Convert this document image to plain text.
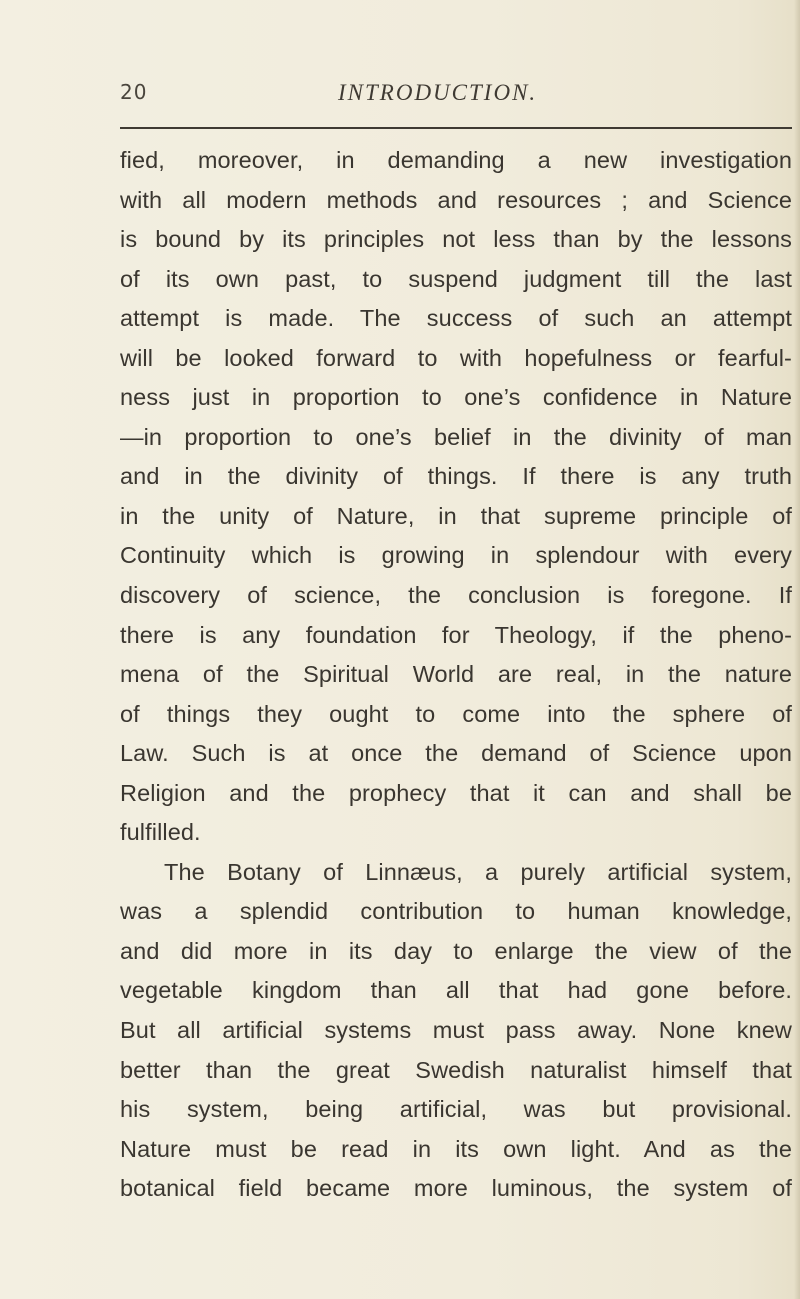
20	INTRODUCTION.
fied, moreover, in demanding a new investigation
with all modern methods and resources ; and Science
is bound by its principles not less than by the lessons
of its own past, to suspend judgment till the last
attempt is made. The success of such an attempt
will be looked forward to with hopefulness or fearful-
ness just in proportion to one’s confidence in Nature
—in proportion to one’s belief in the divinity of man
and in the divinity of things. If there is any truth
in the unity of Nature, in that supreme principle of
Continuity which is growing in splendour with every
discovery of science, the conclusion is foregone. If
there is any foundation for Theology, if the pheno-
mena of the Spiritual World are real, in the nature
of things they ought to come into the sphere of
Law. Such is at once the demand of Science upon
Religion and the prophecy that it can and shall be
fulfilled.
The Botany of Linnæus, a purely artificial system,
was a splendid contribution to human knowledge,
and did more in its day to enlarge the view of the
vegetable kingdom than all that had gone before.
But all artificial systems must pass away. None knew
better than the great Swedish naturalist himself that
his system, being artificial, was but provisional.
Nature must be read in its own light. And as the
botanical field became more luminous, the system of
